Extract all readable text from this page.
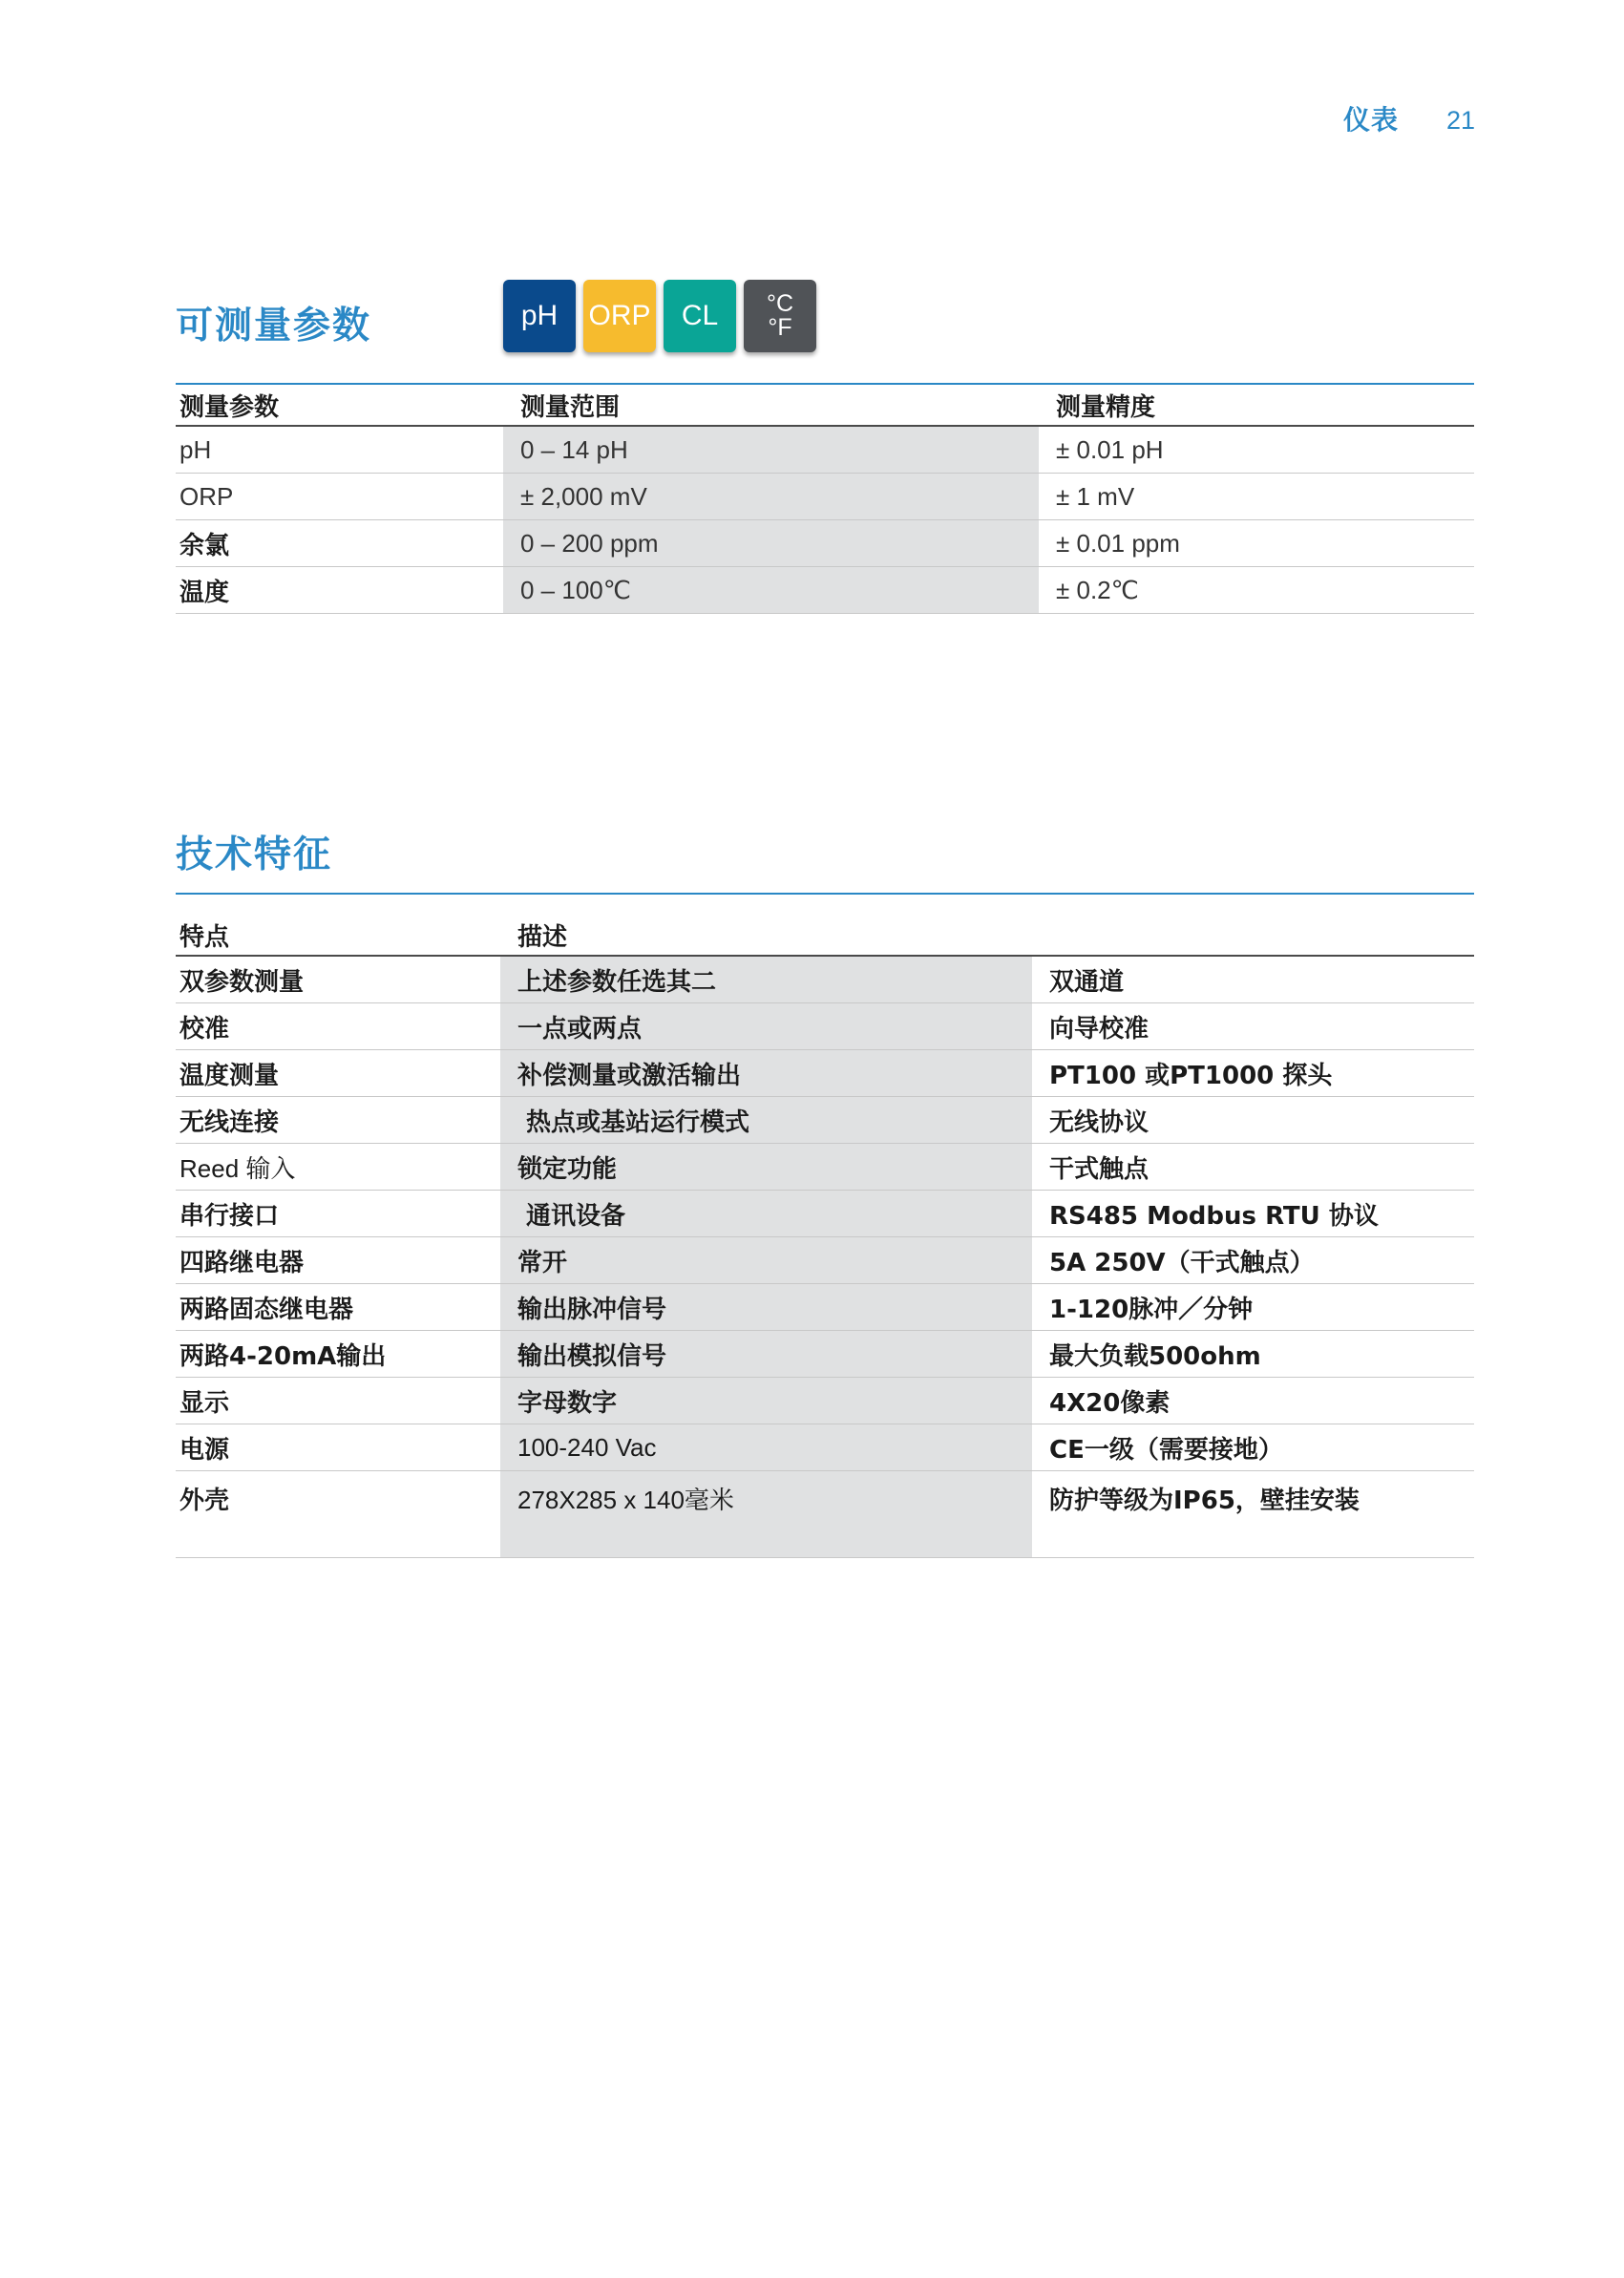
仪表 21
可测量参数	pH	ORP	CL	°C
°F
测量参数	测量范围	测量精度
pH	0 – 14 pH	± 0.01 pH
ORP	± 2,000 mV	± 1 mV
余氯	0 – 200 ppm	± 0.01 ppm
温度	0 – 100℃	± 0.2℃
技术特征
特点	描述	
双参数测量	上述参数任选其二	双通道
校准	一点或两点	向导校准
温度测量	补偿测量或激活输出	PT100 或PT1000 探头
无线连接	热点或基站运行模式	无线协议
Reed 输入	锁定功能	干式触点
串行接口	通讯设备	RS485 Modbus RTU 协议
四路继电器	常开	5A 250V（干式触点）
两路固态继电器	输出脉冲信号	1-120脉冲／分钟
两路4-20mA输出	输出模拟信号	最大负载500ohm
显示	字母数字	4X20像素
电源	100-240 Vac	CE一级（需要接地）
外壳	278X285 x 140毫米	防护等级为IP65，壁挂安装
